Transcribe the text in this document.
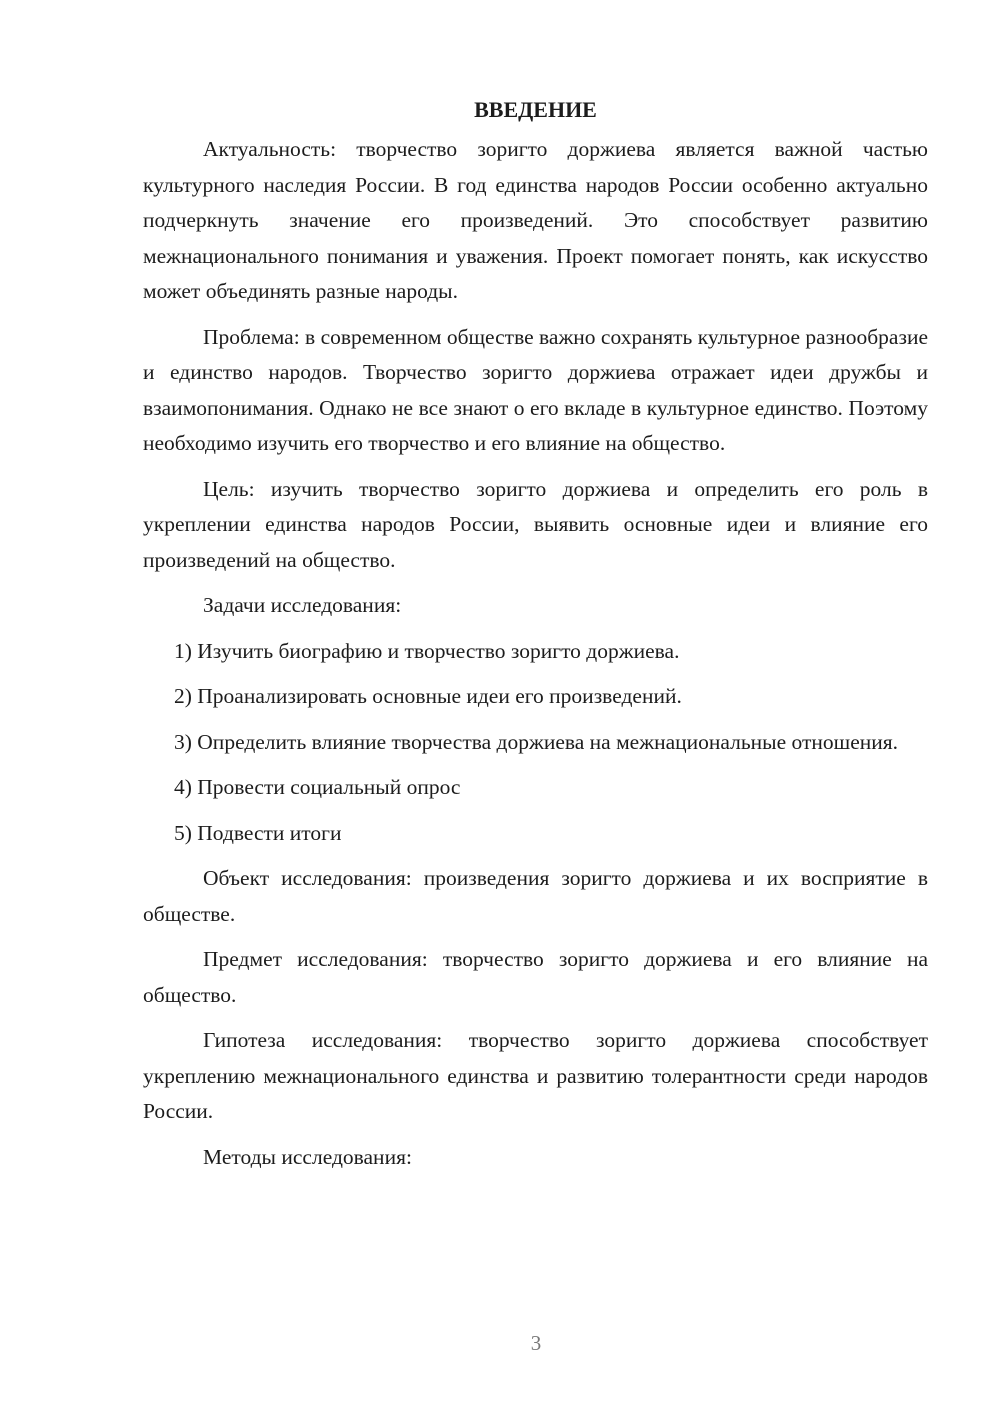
ВВЕДЕНИЕ

Актуальность: творчество зоригто доржиева является важной частью культурного наследия России. В год единства народов России особенно актуально подчеркнуть значение его произведений. Это способствует развитию межнационального понимания и уважения. Проект помогает понять, как искусство может объединять разные народы.

Проблема: в современном обществе важно сохранять культурное разнообразие и единство народов. Творчество зоригто доржиева отражает идеи дружбы и взаимопонимания. Однако не все знают о его вкладе в культурное единство. Поэтому необходимо изучить его творчество и его влияние на общество.

Цель: изучить творчество зоригто доржиева и определить его роль в укреплении единства народов России, выявить основные идеи и влияние его произведений на общество.

Задачи исследования:

1) Изучить биографию и творчество зоригто доржиева.

2) Проанализировать основные идеи его произведений.

3) Определить влияние творчества доржиева на межнациональные отношения.

4) Провести социальный опрос

5) Подвести итоги

Объект исследования: произведения зоригто доржиева и их восприятие в обществе.

Предмет исследования: творчество зоригто доржиева и его влияние на общество.

Гипотеза исследования: творчество зоригто доржиева способствует укреплению межнационального единства и развитию толерантности среди народов России.

Методы исследования:

3
